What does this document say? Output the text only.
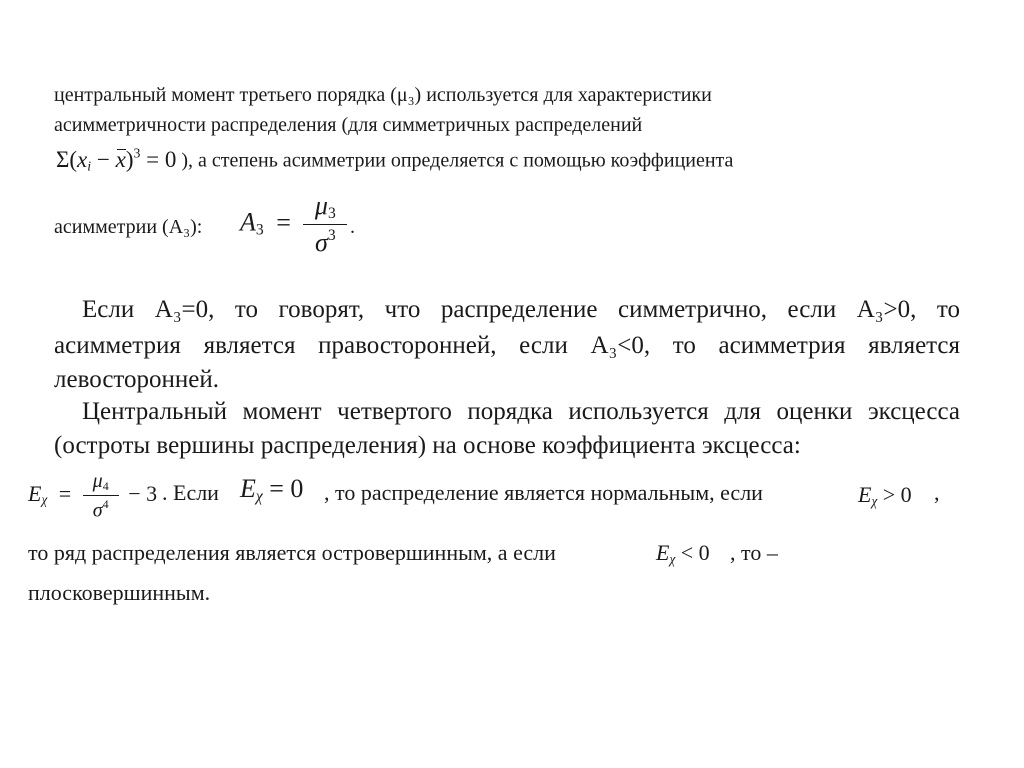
центральный момент третьего порядка (μ₃) используется для характеристики
асимметричности распределения (для симметричных распределений
$\Sigma(x_i - x)^3 = 0$ ), а степень асимметрии определяется с помощью коэффициента
асимметрии (A₃): $A_3 = \frac{\mu_3}{\sigma^3}$ .
Если A₃=0, то говорят, что распределение симметрично, если A₃>0, то
асимметрия является правосторонней, если A₃<0, то асимметрия является
левосторонней.
Центральный момент четвертого порядка используется для оценки эксцесса
(остроты вершины распределения) на основе коэффициента эксцесса:
$E_\chi = \frac{\mu_4}{\sigma^4} - 3$ . Если $E_\chi = 0$ , то распределение является нормальным, если	$E_\chi > 0$ ,
то ряд распределения является островершинным, а если	$E_\chi < 0$ , то –
плосковершинным.
